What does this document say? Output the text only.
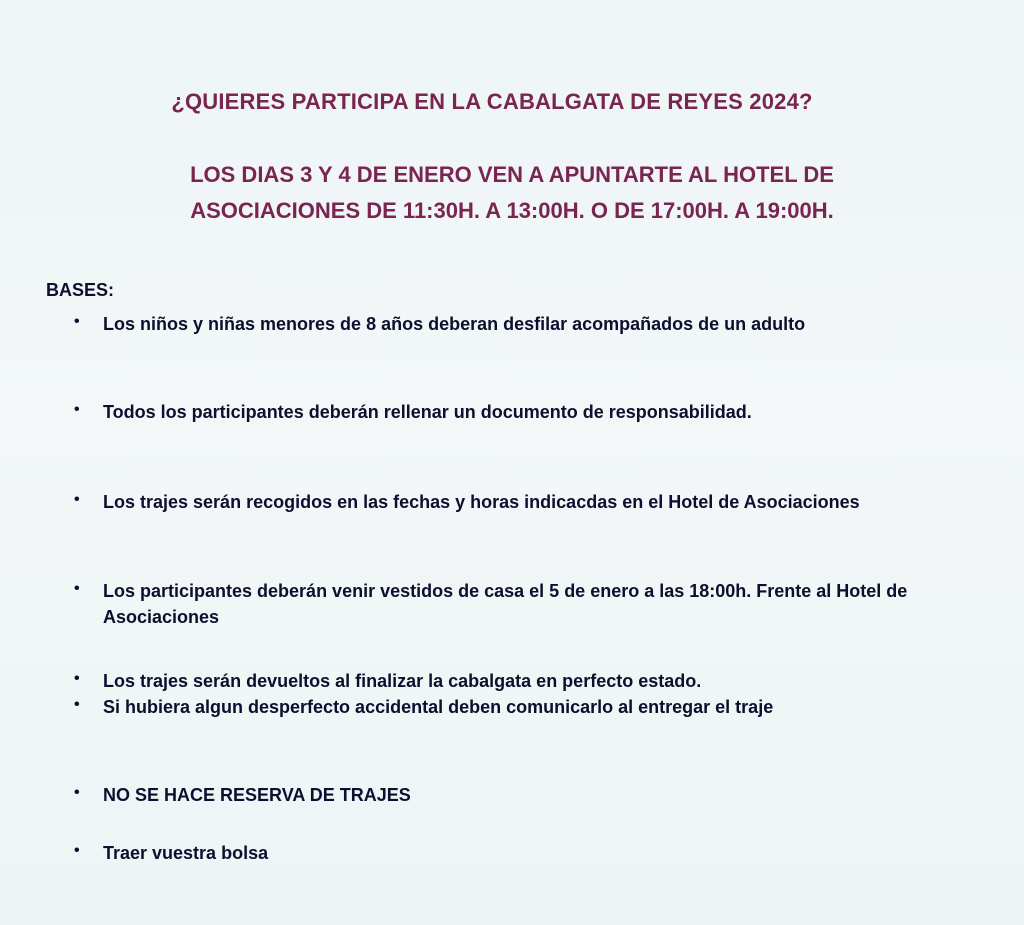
¿QUIERES PARTICIPA EN LA CABALGATA DE REYES 2024?

LOS DIAS 3 Y 4 DE ENERO VEN A APUNTARTE AL HOTEL DE
ASOCIACIONES DE 11:30H. A 13:00H. O DE 17:00H. A 19:00H.

BASES:

• Los niños y niñas menores de 8 años deberan desfilar acompañados de un adulto
• Todos los participantes deberán rellenar un documento de responsabilidad.
• Los trajes serán recogidos en las fechas y horas indicacdas en el Hotel de Asociaciones
• Los participantes deberán venir vestidos de casa el 5 de enero a las 18:00h. Frente al Hotel de Asociaciones
• Los trajes serán devueltos al finalizar la cabalgata en perfecto estado.
• Si hubiera algun desperfecto accidental deben comunicarlo al entregar el traje
• NO SE HACE RESERVA DE TRAJES
• Traer vuestra bolsa
